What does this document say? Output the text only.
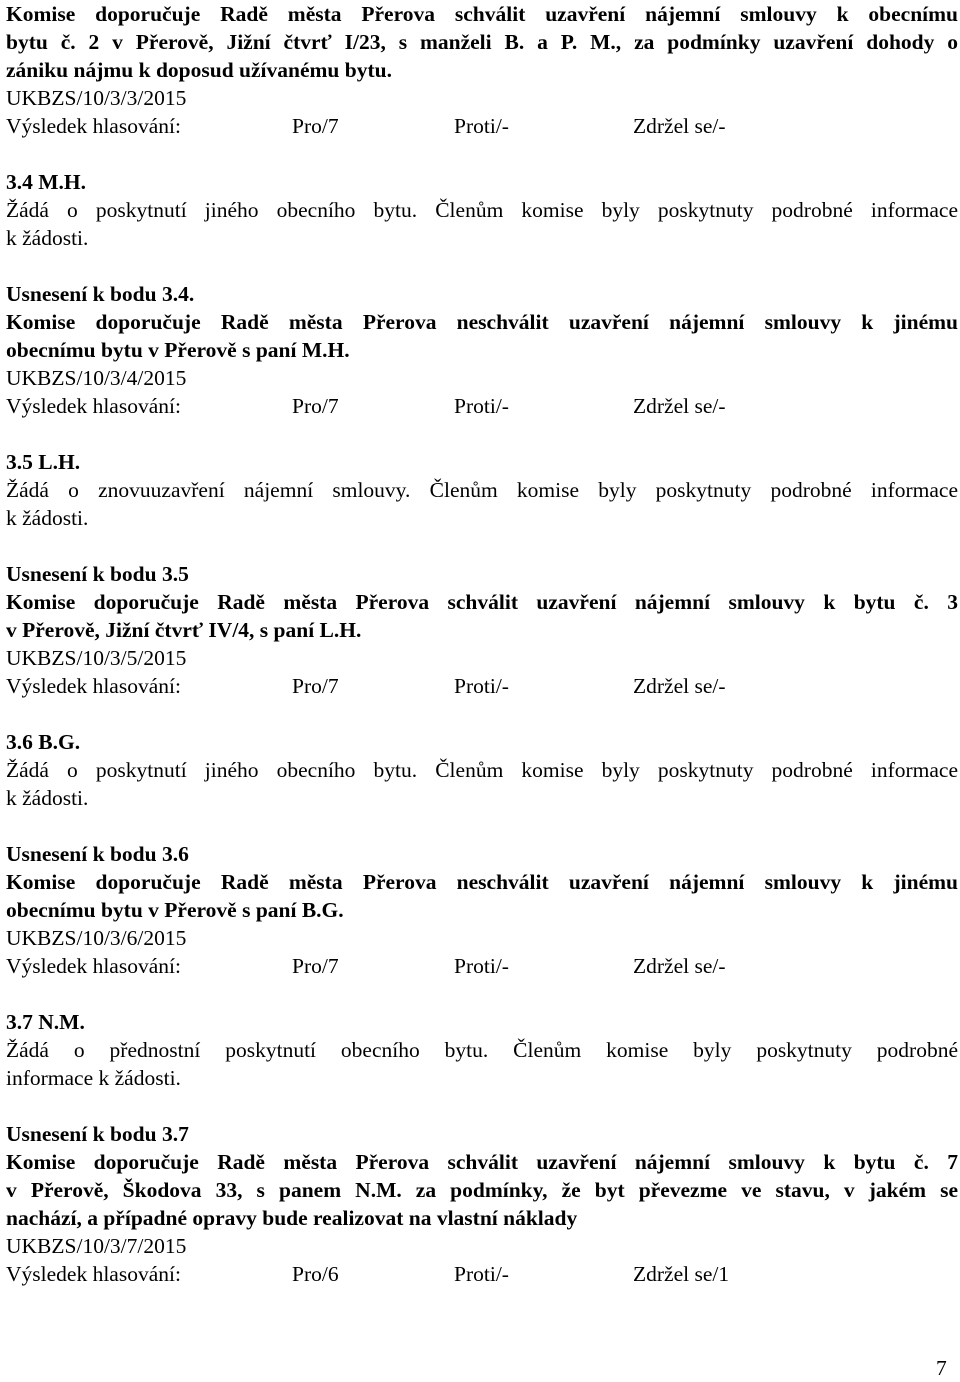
Komise doporučuje Radě města Přerova schválit uzavření nájemní smlouvy k obecnímu
bytu č. 2 v Přerově, Jižní čtvrť I/23, s manželi B. a P. M., za podmínky uzavření dohody o
zániku nájmu k doposud užívanému bytu.
UKBZS/10/3/3/2015
Výsledek hlasování:	Pro/7	Proti/-	Zdržel se/-
3.4 M.H.
Žádá o poskytnutí jiného obecního bytu. Členům komise byly poskytnuty podrobné informace
k žádosti.
Usnesení k bodu 3.4.
Komise doporučuje Radě města Přerova neschválit uzavření nájemní smlouvy k jinému
obecnímu bytu v Přerově s paní M.H.
UKBZS/10/3/4/2015
Výsledek hlasování:	Pro/7	Proti/-	Zdržel se/-
3.5 L.H.
Žádá o znovuuzavření nájemní smlouvy. Členům komise byly poskytnuty podrobné informace
k žádosti.
Usnesení k bodu 3.5
Komise doporučuje Radě města Přerova schválit uzavření nájemní smlouvy k bytu č. 3
v Přerově, Jižní čtvrť IV/4, s paní L.H.
UKBZS/10/3/5/2015
Výsledek hlasování:	Pro/7	Proti/-	Zdržel se/-
3.6 B.G.
Žádá o poskytnutí jiného obecního bytu. Členům komise byly poskytnuty podrobné informace
k žádosti.
Usnesení k bodu 3.6
Komise doporučuje Radě města Přerova neschválit uzavření nájemní smlouvy k jinému
obecnímu bytu v Přerově s paní B.G.
UKBZS/10/3/6/2015
Výsledek hlasování:	Pro/7	Proti/-	Zdržel se/-
3.7 N.M.
Žádá o přednostní poskytnutí obecního bytu. Členům komise byly poskytnuty podrobné
informace k žádosti.
Usnesení k bodu 3.7
Komise doporučuje Radě města Přerova schválit uzavření nájemní smlouvy k bytu č. 7
v Přerově, Škodova 33, s panem N.M. za podmínky, že byt převezme ve stavu, v jakém se
nachází, a případné opravy bude realizovat na vlastní náklady
UKBZS/10/3/7/2015
Výsledek hlasování:	Pro/6	Proti/-	Zdržel se/1
7
